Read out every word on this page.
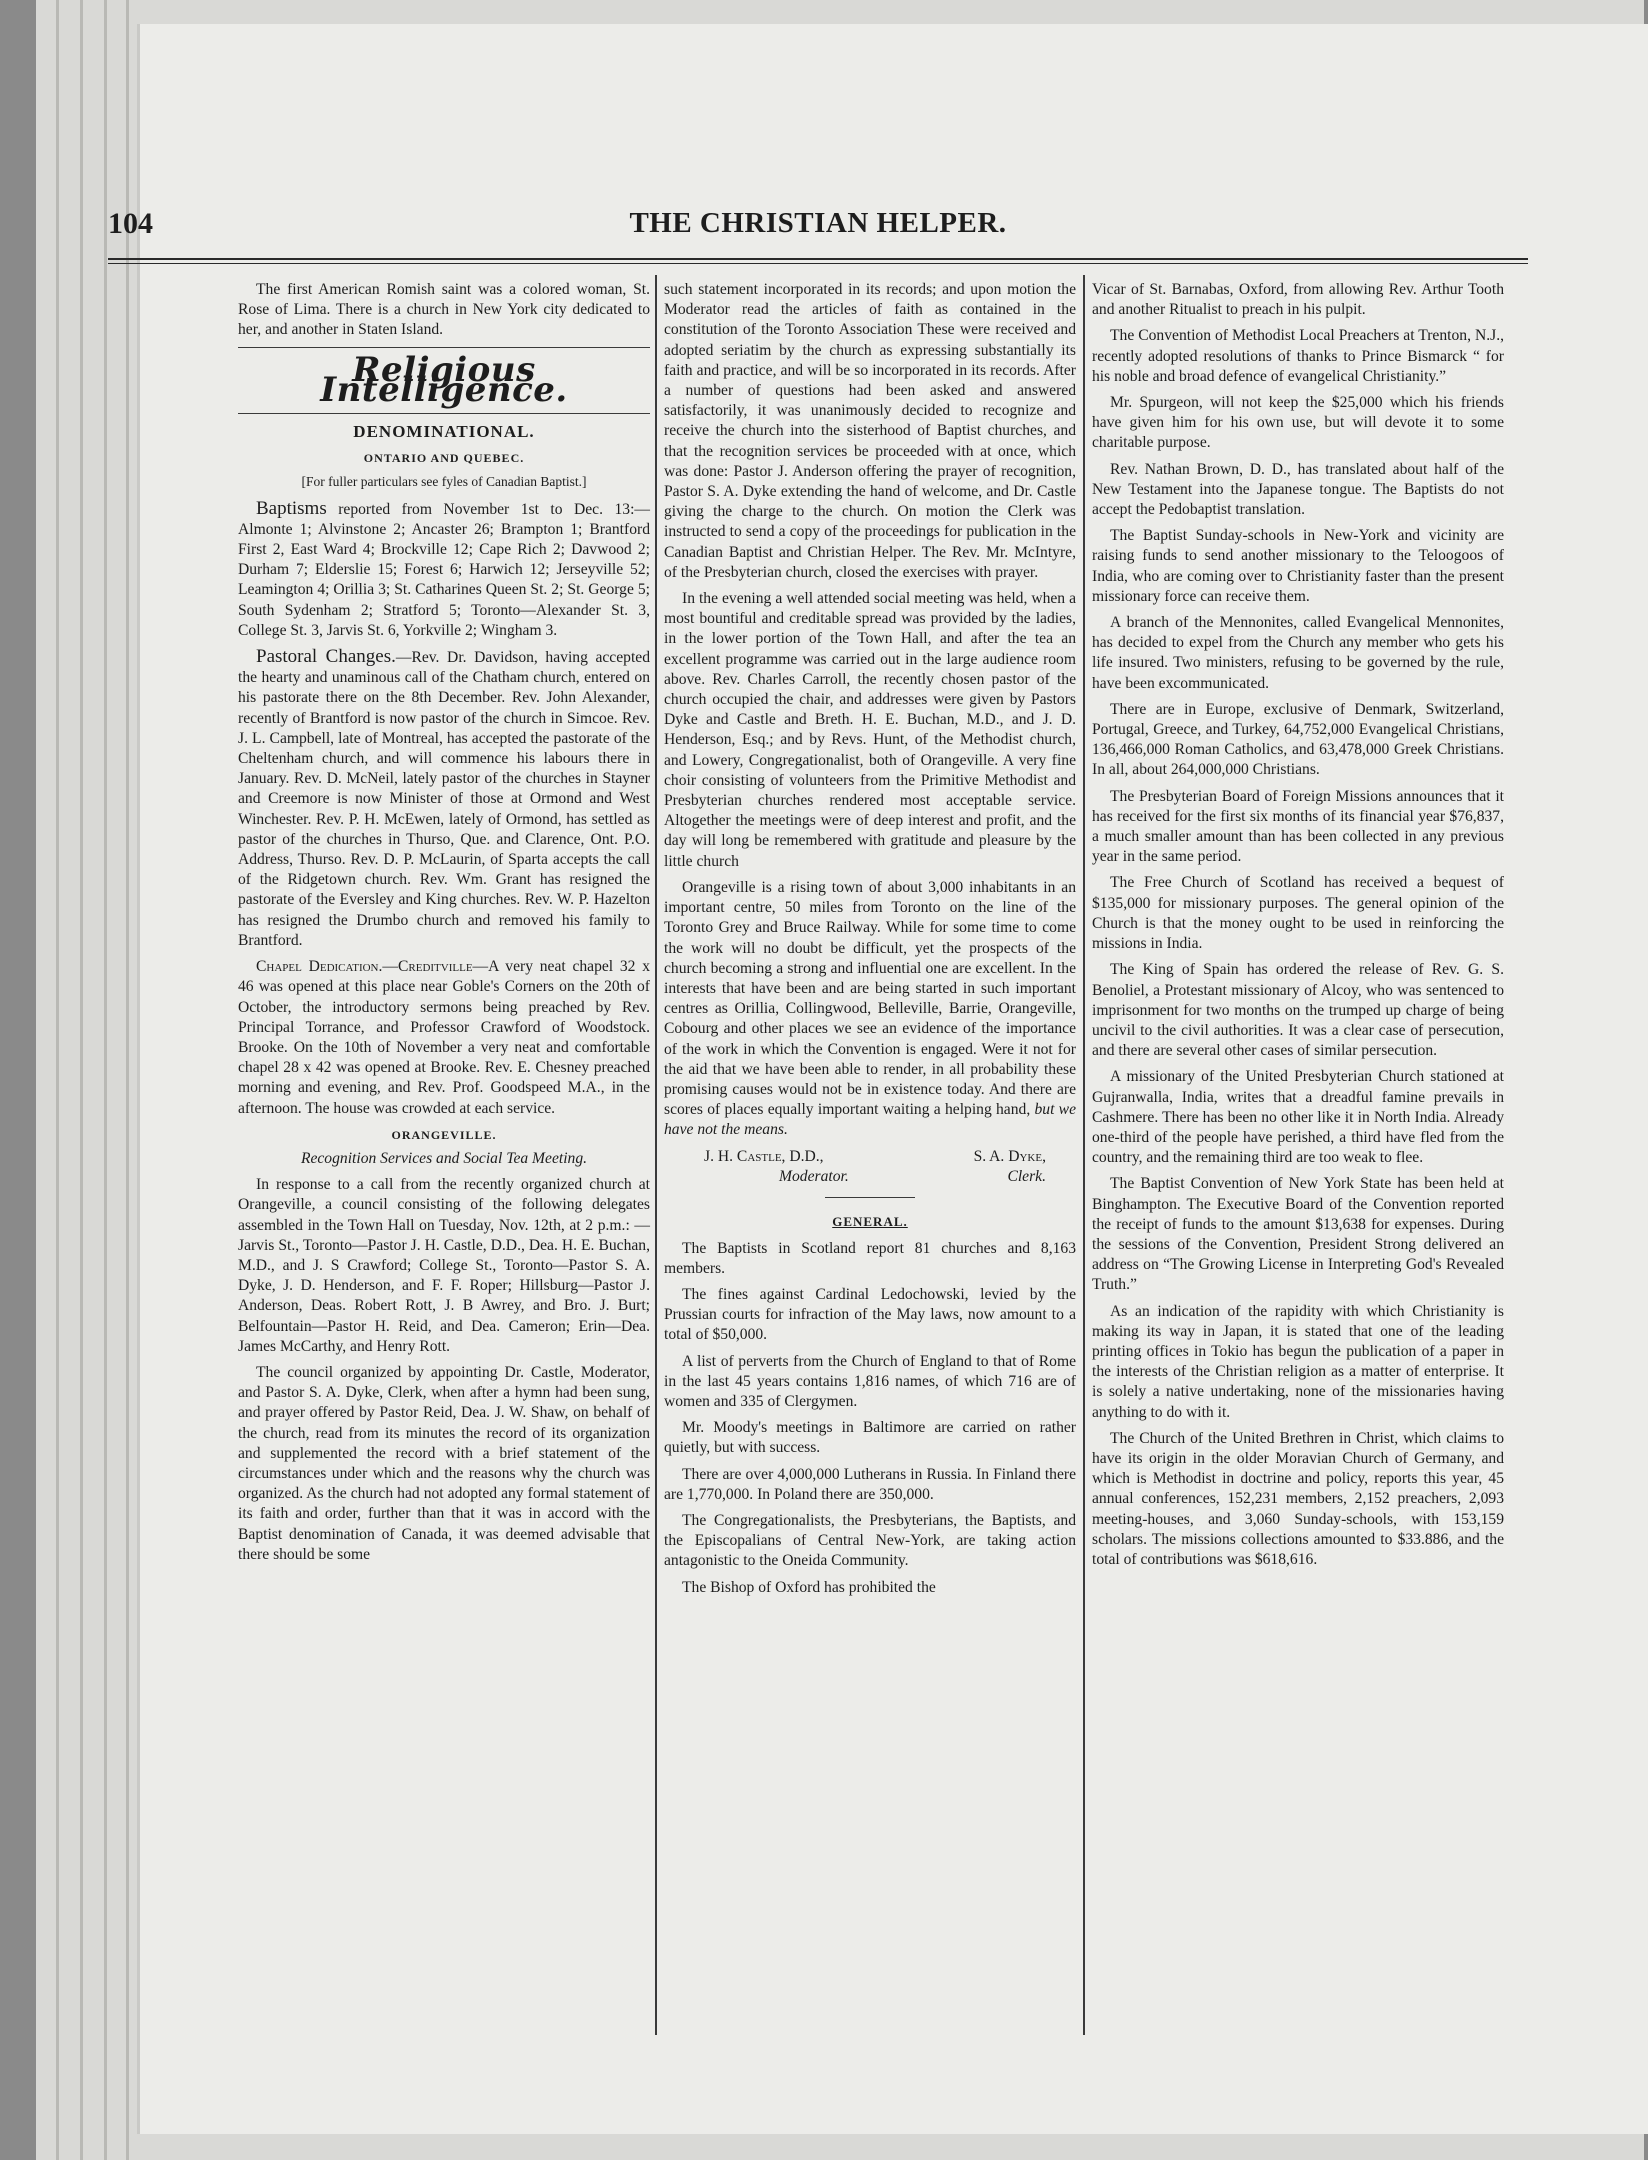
104	THE CHRISTIAN HELPER.

The first American Romish saint was a colored woman, St. Rose of Lima. There is a church in New York city dedicated to her, and another in Staten Island.

Religious Intelligence.
DENOMINATIONAL.
ONTARIO AND QUEBEC.
[For fuller particulars see fyles of Canadian Baptist.]

Baptisms reported from November 1st to Dec. 13:—Almonte 1; Alvinstone 2; Ancaster 26; Brampton 1; Brantford First 2, East Ward 4; Brockville 12; Cape Rich 2; Davwood 2; Durham 7; Elderslie 15; Forest 6; Harwich 12; Jerseyville 52; Leamington 4; Orillia 3; St. Catharines Queen St. 2; St. George 5; South Sydenham 2; Stratford 5; Toronto—Alexander St. 3, College St. 3, Jarvis St. 6, Yorkville 2; Wingham 3.

Pastoral Changes.—Rev. Dr. Davidson, having accepted the hearty and unaminous call of the Chatham church, entered on his pastorate there on the 8th December. Rev. John Alexander, recently of Brantford is now pastor of the church in Simcoe. Rev. J. L. Campbell, late of Montreal, has accepted the pastorate of the Cheltenham church, and will commence his labours there in January. Rev. D. McNeil, lately pastor of the churches in Stayner and Creemore is now Minister of those at Ormond and West Winchester. Rev. P. H. McEwen, lately of Ormond, has settled as pastor of the churches in Thurso, Que. and Clarence, Ont. P.O. Address, Thurso. Rev. D. P. McLaurin, of Sparta accepts the call of the Ridgetown church. Rev. Wm. Grant has resigned the pastorate of the Eversley and King churches. Rev. W. P. Hazelton has resigned the Drumbo church and removed his family to Brantford.

Chapel Dedication.—Creditville—A very neat chapel 32 x 46 was opened at this place near Goble's Corners on the 20th of October, the introductory sermons being preached by Rev. Principal Torrance, and Professor Crawford of Woodstock. Brooke. On the 10th of November a very neat and comfortable chapel 28 x 42 was opened at Brooke. Rev. E. Chesney preached morning and evening, and Rev. Prof. Goodspeed M.A., in the afternoon. The house was crowded at each service.

ORANGEVILLE.
Recognition Services and Social Tea Meeting.

In response to a call from the recently organized church at Orangeville, a council consisting of the following delegates assembled in the Town Hall on Tuesday, Nov. 12th, at 2 p.m.: —Jarvis St., Toronto—Pastor J. H. Castle, D.D., Dea. H. E. Buchan, M.D., and J. S Crawford; College St., Toronto—Pastor S. A. Dyke, J. D. Henderson, and F. F. Roper; Hillsburg—Pastor J. Anderson, Deas. Robert Rott, J. B Awrey, and Bro. J. Burt; Belfountain—Pastor H. Reid, and Dea. Cameron; Erin—Dea. James McCarthy, and Henry Rott.

The council organized by appointing Dr. Castle, Moderator, and Pastor S. A. Dyke, Clerk, when after a hymn had been sung, and prayer offered by Pastor Reid, Dea. J. W. Shaw, on behalf of the church, read from its minutes the record of its organization and supplemented the record with a brief statement of the circumstances under which and the reasons why the church was organized. As the church had not adopted any formal statement of its faith and order, further than that it was in accord with the Baptist denomination of Canada, it was deemed advisable that there should be some

such statement incorporated in its records; and upon motion the Moderator read the articles of faith as contained in the constitution of the Toronto Association These were received and adopted seriatim by the church as expressing substantially its faith and practice, and will be so incorporated in its records. After a number of questions had been asked and answered satisfactorily, it was unanimously decided to recognize and receive the church into the sisterhood of Baptist churches, and that the recognition services be proceeded with at once, which was done: Pastor J. Anderson offering the prayer of recognition, Pastor S. A. Dyke extending the hand of welcome, and Dr. Castle giving the charge to the church. On motion the Clerk was instructed to send a copy of the proceedings for publication in the Canadian Baptist and Christian Helper. The Rev. Mr. McIntyre, of the Presbyterian church, closed the exercises with prayer.

In the evening a well attended social meeting was held, when a most bountiful and creditable spread was provided by the ladies, in the lower portion of the Town Hall, and after the tea an excellent programme was carried out in the large audience room above. Rev. Charles Carroll, the recently chosen pastor of the church occupied the chair, and addresses were given by Pastors Dyke and Castle and Breth. H. E. Buchan, M.D., and J. D. Henderson, Esq.; and by Revs. Hunt, of the Methodist church, and Lowery, Congregationalist, both of Orangeville. A very fine choir consisting of volunteers from the Primitive Methodist and Presbyterian churches rendered most acceptable service. Altogether the meetings were of deep interest and profit, and the day will long be remembered with gratitude and pleasure by the little church

Orangeville is a rising town of about 3,000 inhabitants in an important centre, 50 miles from Toronto on the line of the Toronto Grey and Bruce Railway. While for some time to come the work will no doubt be difficult, yet the prospects of the church becoming a strong and influential one are excellent. In the interests that have been and are being started in such important centres as Orillia, Collingwood, Belleville, Barrie, Orangeville, Cobourg and other places we see an evidence of the importance of the work in which the Convention is engaged. Were it not for the aid that we have been able to render, in all probability these promising causes would not be in existence today. And there are scores of places equally important waiting a helping hand, but we have not the means.

J. H. Castle, D.D.,	S. A. Dyke,
Moderator.	Clerk.
GENERAL.

The Baptists in Scotland report 81 churches and 8,163 members.

The fines against Cardinal Ledochowski, levied by the Prussian courts for infraction of the May laws, now amount to a total of $50,000.

A list of perverts from the Church of England to that of Rome in the last 45 years contains 1,816 names, of which 716 are of women and 335 of Clergymen.

Mr. Moody's meetings in Baltimore are carried on rather quietly, but with success.

There are over 4,000,000 Lutherans in Russia. In Finland there are 1,770,000. In Poland there are 350,000.

The Congregationalists, the Presbyterians, the Baptists, and the Episcopalians of Central New-York, are taking action antagonistic to the Oneida Community.

The Bishop of Oxford has prohibited the

Vicar of St. Barnabas, Oxford, from allowing Rev. Arthur Tooth and another Ritualist to preach in his pulpit.

The Convention of Methodist Local Preachers at Trenton, N.J., recently adopted resolutions of thanks to Prince Bismarck “ for his noble and broad defence of evangelical Christianity.”

Mr. Spurgeon, will not keep the $25,000 which his friends have given him for his own use, but will devote it to some charitable purpose.

Rev. Nathan Brown, D. D., has translated about half of the New Testament into the Japanese tongue. The Baptists do not accept the Pedobaptist translation.

The Baptist Sunday-schools in New-York and vicinity are raising funds to send another missionary to the Teloogoos of India, who are coming over to Christianity faster than the present missionary force can receive them.

A branch of the Mennonites, called Evangelical Mennonites, has decided to expel from the Church any member who gets his life insured. Two ministers, refusing to be governed by the rule, have been excommunicated.

There are in Europe, exclusive of Denmark, Switzerland, Portugal, Greece, and Turkey, 64,752,000 Evangelical Christians, 136,466,000 Roman Catholics, and 63,478,000 Greek Christians. In all, about 264,000,000 Christians.

The Presbyterian Board of Foreign Missions announces that it has received for the first six months of its financial year $76,837, a much smaller amount than has been collected in any previous year in the same period.

The Free Church of Scotland has received a bequest of $135,000 for missionary purposes. The general opinion of the Church is that the money ought to be used in reinforcing the missions in India.

The King of Spain has ordered the release of Rev. G. S. Benoliel, a Protestant missionary of Alcoy, who was sentenced to imprisonment for two months on the trumped up charge of being uncivil to the civil authorities. It was a clear case of persecution, and there are several other cases of similar persecution.

A missionary of the United Presbyterian Church stationed at Gujranwalla, India, writes that a dreadful famine prevails in Cashmere. There has been no other like it in North India. Already one-third of the people have perished, a third have fled from the country, and the remaining third are too weak to flee.

The Baptist Convention of New York State has been held at Binghampton. The Executive Board of the Convention reported the receipt of funds to the amount $13,638 for expenses. During the sessions of the Convention, President Strong delivered an address on “The Growing License in Interpreting God's Revealed Truth.”

As an indication of the rapidity with which Christianity is making its way in Japan, it is stated that one of the leading printing offices in Tokio has begun the publication of a paper in the interests of the Christian religion as a matter of enterprise. It is solely a native undertaking, none of the missionaries having anything to do with it.

The Church of the United Brethren in Christ, which claims to have its origin in the older Moravian Church of Germany, and which is Methodist in doctrine and policy, reports this year, 45 annual conferences, 152,231 members, 2,152 preachers, 2,093 meeting-houses, and 3,060 Sunday-schools, with 153,159 scholars. The missions collections amounted to $33.886, and the total of contributions was $618,616.
